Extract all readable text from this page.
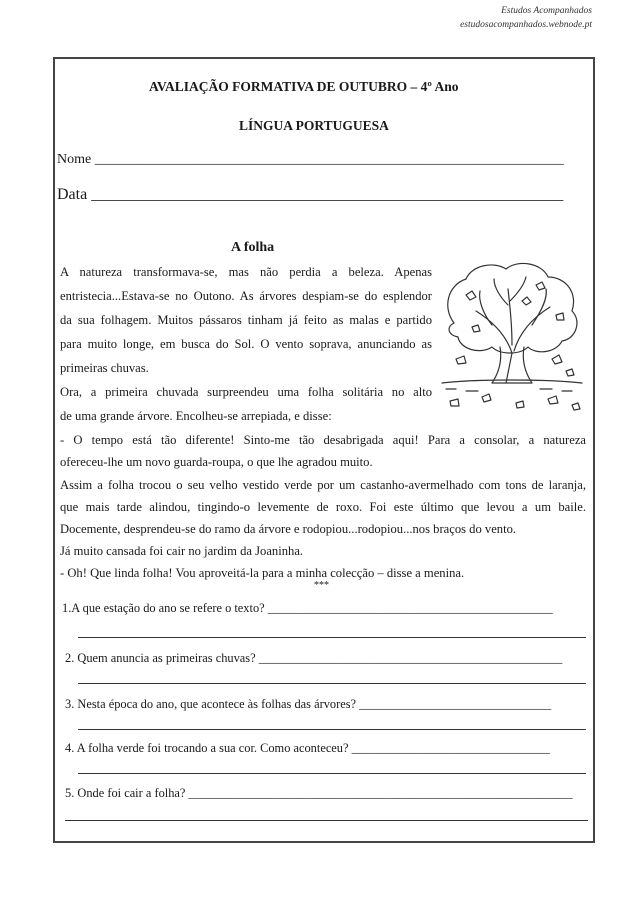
Estudos Acompanhados
estudosacompanhados.webnode.pt
AVALIAÇÃO FORMATIVA DE OUTUBRO – 4º Ano
LÍNGUA PORTUGUESA
Nome ___________________________________________________________________
Data ___________________________________________________________
A folha
A natureza transformava-se, mas não perdia a beleza. Apenas
entristecia...Estava-se no Outono. As árvores despiam-se do esplendor
da sua folhagem. Muitos pássaros tinham já feito as malas e partido
para muito longe, em busca do Sol. O vento soprava, anunciando as
primeiras chuvas.
Ora, a primeira chuvada surpreendeu uma folha solitária no alto
de uma grande árvore. Encolheu-se arrepiada, e disse:
- O tempo está tão diferente! Sinto-me tão desabrigada aqui! Para a consolar, a natureza
ofereceu-lhe um novo guarda-roupa, o que lhe agradou muito.
Assim a folha trocou o seu velho vestido verde por um castanho-avermelhado com tons de laranja,
que mais tarde alindou, tingindo-o levemente de roxo. Foi este último que levou a um baile.
Docemente, desprendeu-se do ramo da árvore e rodopiou...rodopiou...nos braços do vento.
Já muito cansada foi cair no jardim da Joaninha.
- Oh! Que linda folha! Vou aproveitá-la para a minha colecção – disse a menina.
***
1.A que estação do ano se refere o texto? ______________________________________________
2. Quem anuncia as primeiras chuvas? _________________________________________________
3. Nesta época do ano, que acontece às folhas das árvores? _______________________________
4. A folha verde foi trocando a sua cor. Como aconteceu? ________________________________
5. Onde foi cair a folha? ______________________________________________________________
